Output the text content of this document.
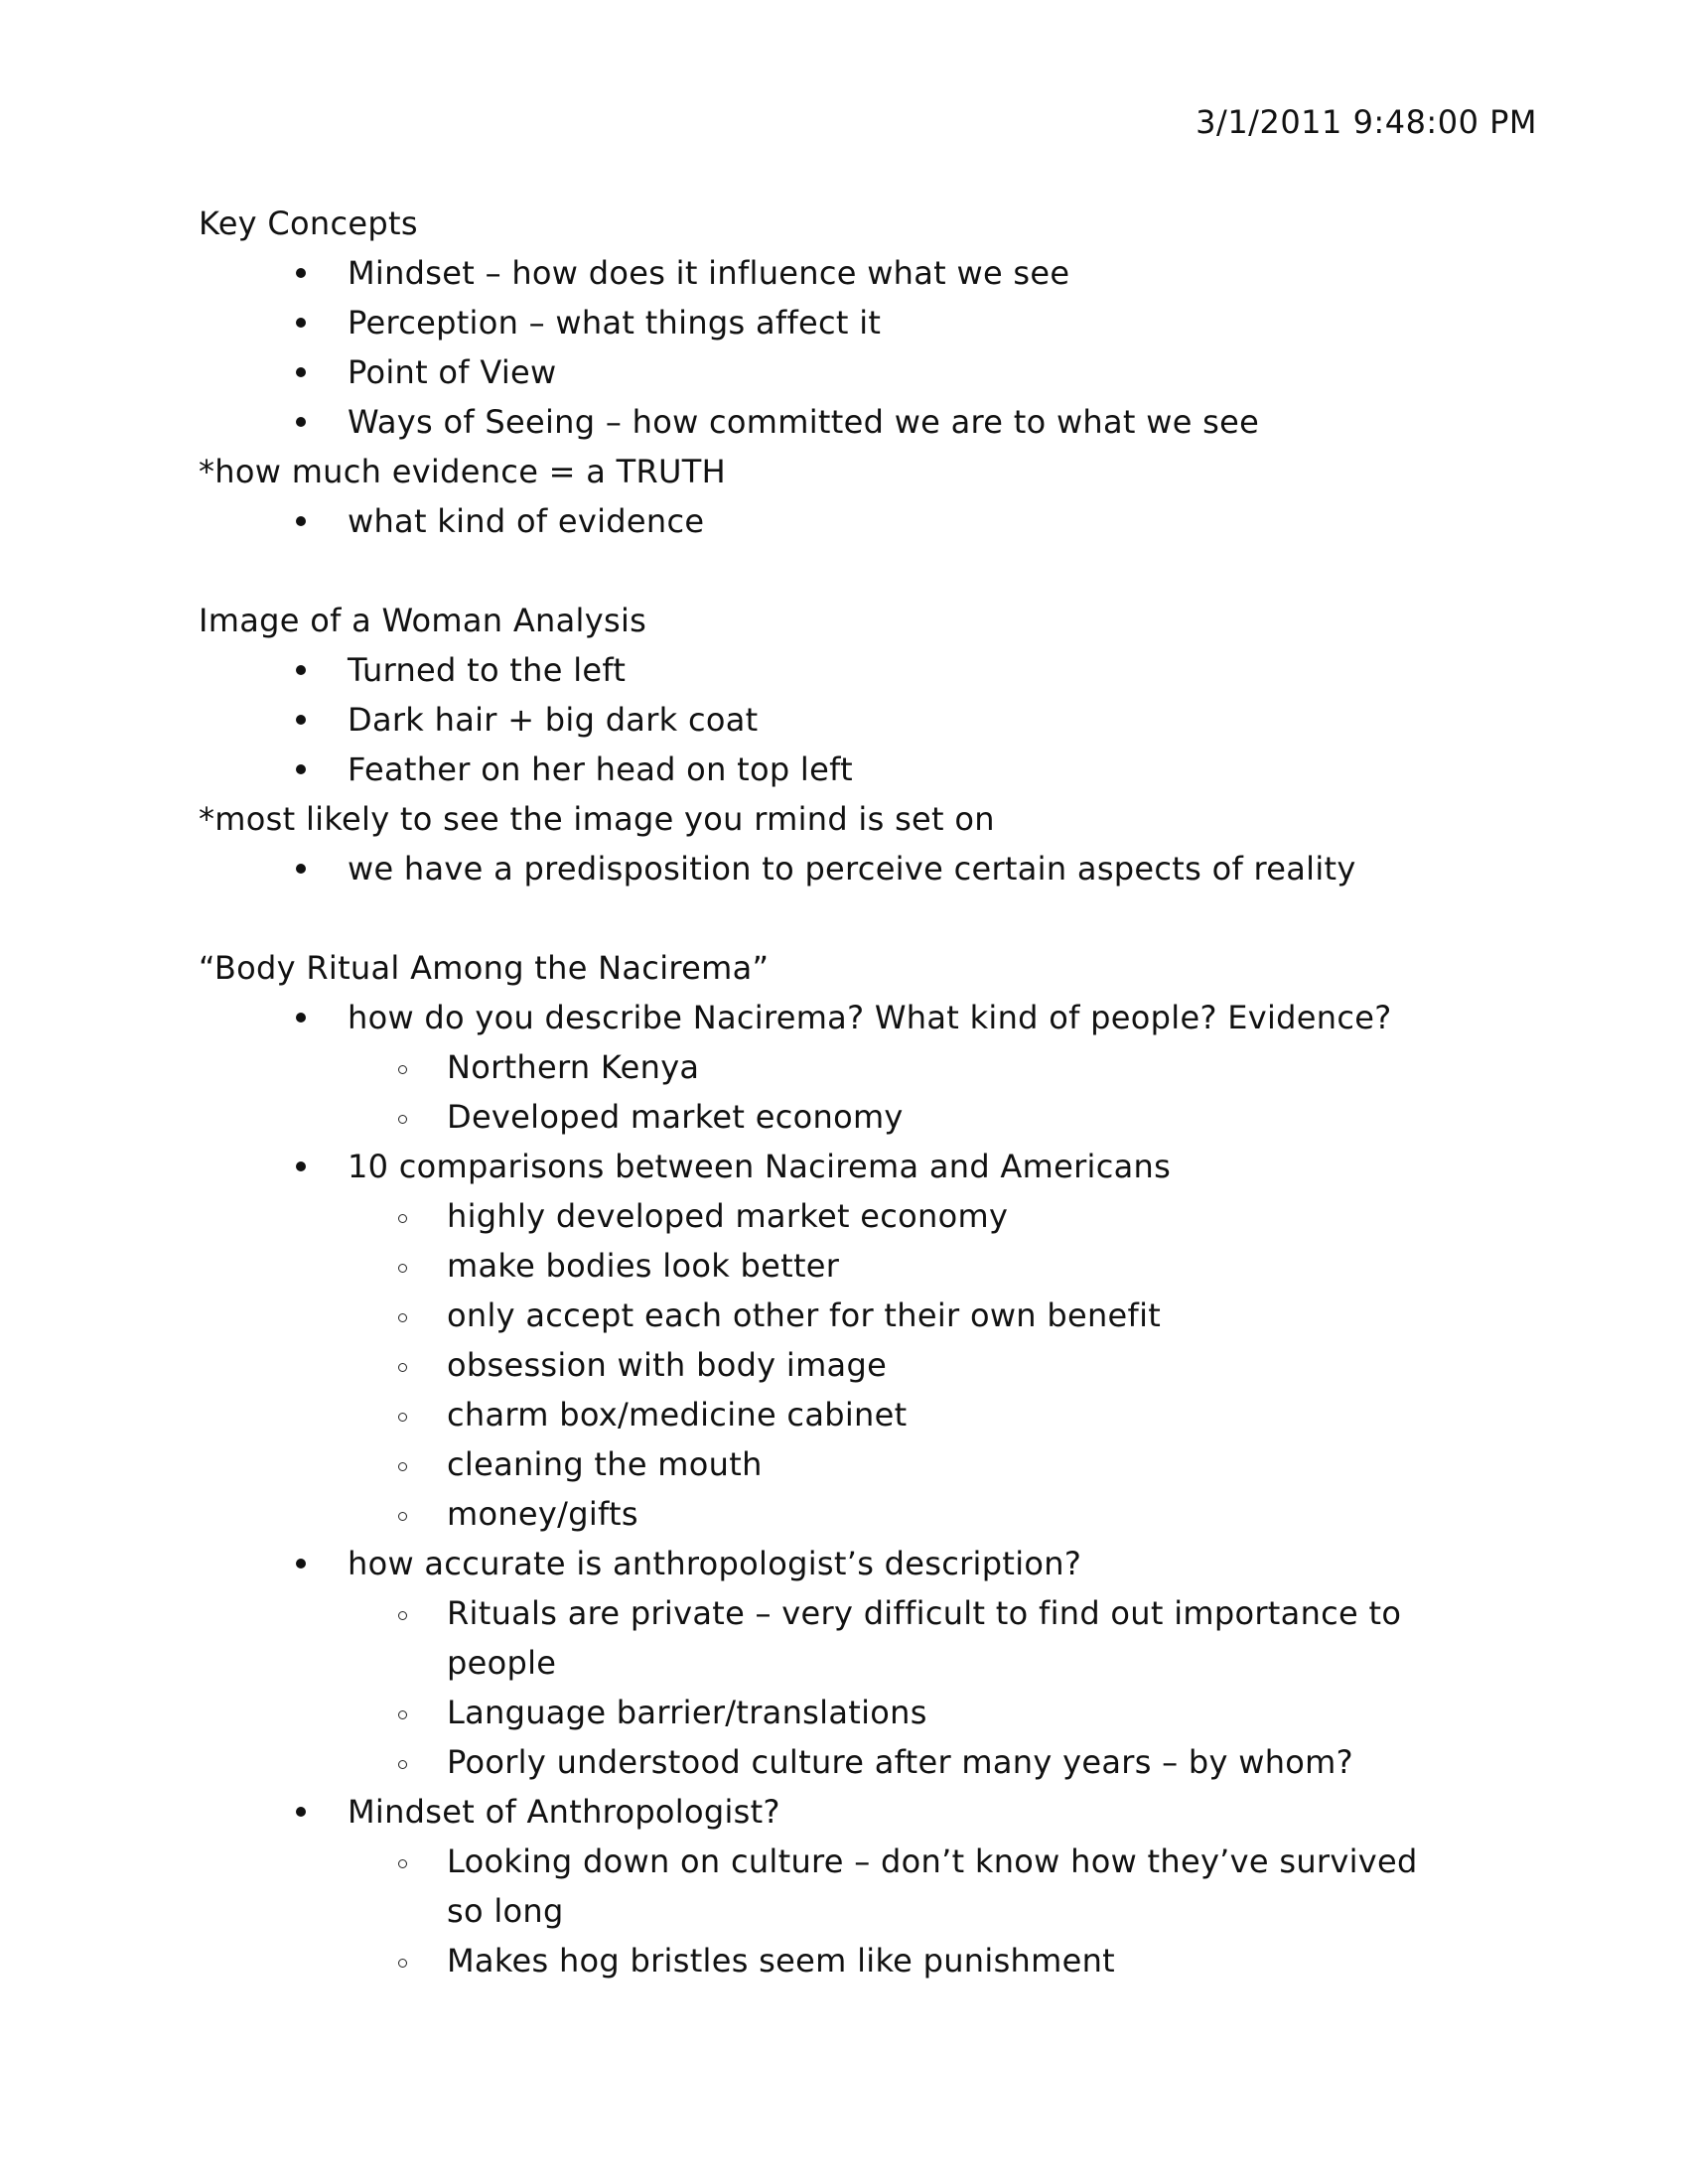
3/1/2011 9:48:00 PM
Key Concepts
Mindset – how does it influence what we see
Perception – what things affect it
Point of View
Ways of Seeing – how committed we are to what we see
*how much evidence = a TRUTH
what kind of evidence
Image of a Woman Analysis
Turned to the left
Dark hair + big dark coat
Feather on her head on top left
*most likely to see the image you rmind is set on
we have a predisposition to perceive certain aspects of reality
“Body Ritual Among the Nacirema”
how do you describe Nacirema? What kind of people? Evidence?
Northern Kenya
Developed market economy
10 comparisons between Nacirema and Americans
highly developed market economy
make bodies look better
only accept each other for their own benefit
obsession with body image
charm box/medicine cabinet
cleaning the mouth
money/gifts
how accurate is anthropologist’s description?
Rituals are private – very difficult to find out importance to
people
Language barrier/translations
Poorly understood culture after many years – by whom?
Mindset of Anthropologist?
Looking down on culture – don’t know how they’ve survived
so long
Makes hog bristles seem like punishment
